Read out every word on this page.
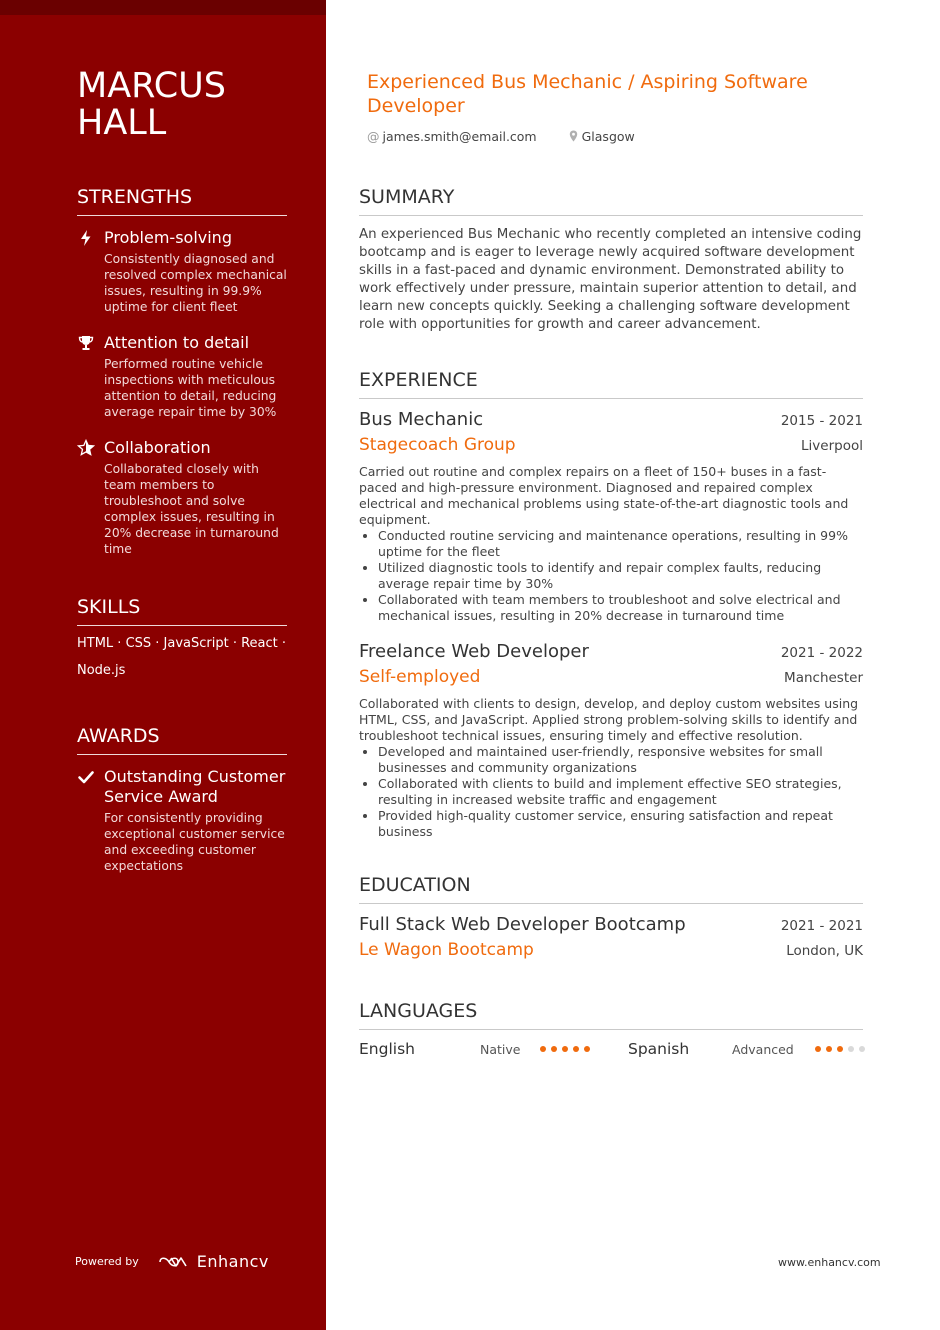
MARCUS
HALL
STRENGTHS
Problem-solving
Consistently diagnosed and resolved complex mechanical issues, resulting in 99.9% uptime for client fleet
Attention to detail
Performed routine vehicle inspections with meticulous attention to detail, reducing average repair time by 30%
Collaboration
Collaborated closely with team members to troubleshoot and solve complex issues, resulting in 20% decrease in turnaround time
SKILLS
HTML · CSS · JavaScript · React ·
Node.js
AWARDS
Outstanding Customer Service Award
For consistently providing exceptional customer service and exceeding customer expectations
Powered by	Enhancv
Experienced Bus Mechanic / Aspiring Software Developer
@ james.smith@email.com	Glasgow
SUMMARY
An experienced Bus Mechanic who recently completed an intensive coding bootcamp and is eager to leverage newly acquired software development skills in a fast-paced and dynamic environment. Demonstrated ability to work effectively under pressure, maintain superior attention to detail, and learn new concepts quickly. Seeking a challenging software development role with opportunities for growth and career advancement.
EXPERIENCE
Bus Mechanic	2015 - 2021
Stagecoach Group	Liverpool
Carried out routine and complex repairs on a fleet of 150+ buses in a fast-paced and high-pressure environment. Diagnosed and repaired complex electrical and mechanical problems using state-of-the-art diagnostic tools and equipment.
• Conducted routine servicing and maintenance operations, resulting in 99% uptime for the fleet
• Utilized diagnostic tools to identify and repair complex faults, reducing average repair time by 30%
• Collaborated with team members to troubleshoot and solve electrical and mechanical issues, resulting in 20% decrease in turnaround time
Freelance Web Developer	2021 - 2022
Self-employed	Manchester
Collaborated with clients to design, develop, and deploy custom websites using HTML, CSS, and JavaScript. Applied strong problem-solving skills to identify and troubleshoot technical issues, ensuring timely and effective resolution.
• Developed and maintained user-friendly, responsive websites for small businesses and community organizations
• Collaborated with clients to build and implement effective SEO strategies, resulting in increased website traffic and engagement
• Provided high-quality customer service, ensuring satisfaction and repeat business
EDUCATION
Full Stack Web Developer Bootcamp	2021 - 2021
Le Wagon Bootcamp	London, UK
LANGUAGES
English	Native	Spanish	Advanced
www.enhancv.com
